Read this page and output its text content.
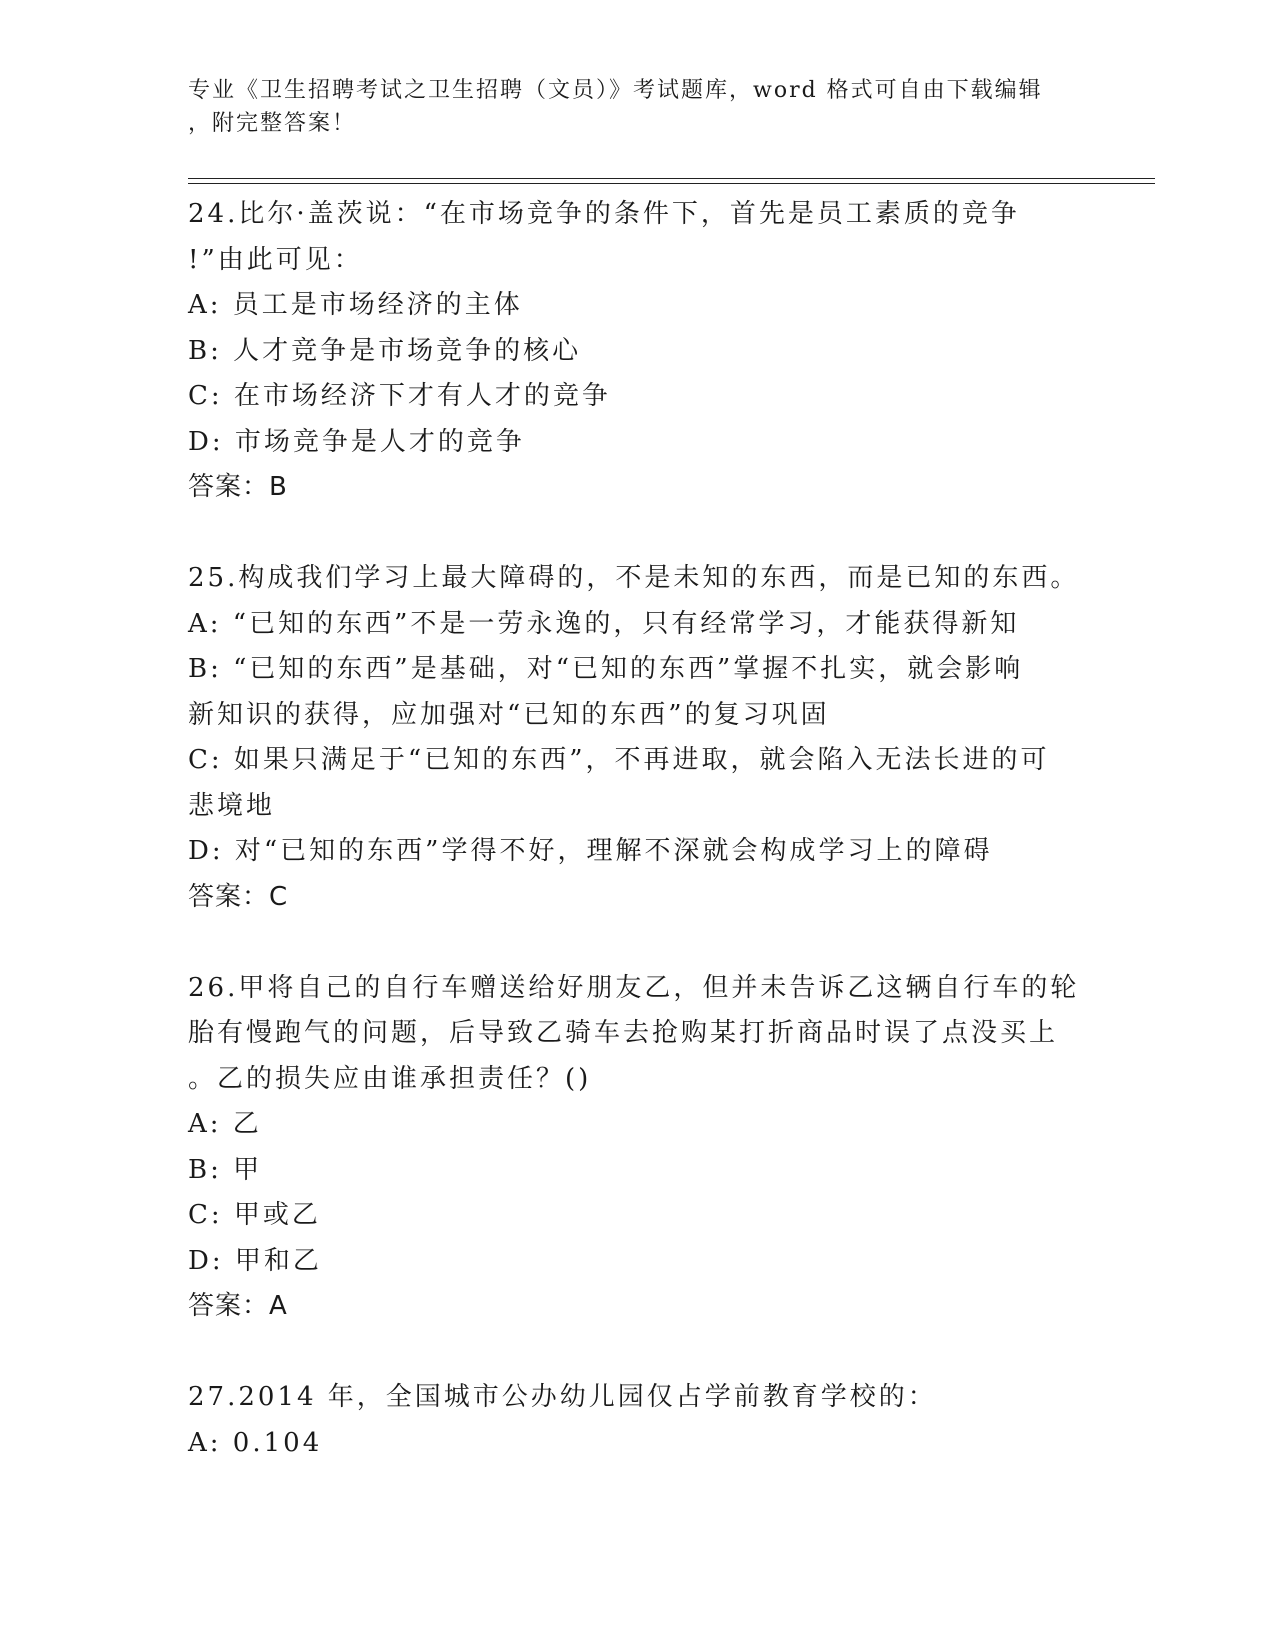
专业《卫生招聘考试之卫生招聘（文员）》考试题库，word 格式可自由下载编辑
，附完整答案！
24.比尔·盖茨说：“在市场竞争的条件下，首先是员工素质的竞争
!”由此可见：
A: 员工是市场经济的主体
B: 人才竞争是市场竞争的核心
C: 在市场经济下才有人才的竞争
D: 市场竞争是人才的竞争
答案：B
25.构成我们学习上最大障碍的，不是未知的东西，而是已知的东西。
A: “已知的东西”不是一劳永逸的，只有经常学习，才能获得新知
B: “已知的东西”是基础，对“已知的东西”掌握不扎实，就会影响
新知识的获得，应加强对“已知的东西”的复习巩固
C: 如果只满足于“已知的东西”，不再进取，就会陷入无法长进的可
悲境地
D: 对“已知的东西”学得不好，理解不深就会构成学习上的障碍
答案：C
26.甲将自己的自行车赠送给好朋友乙，但并未告诉乙这辆自行车的轮
胎有慢跑气的问题，后导致乙骑车去抢购某打折商品时误了点没买上
。乙的损失应由谁承担责任？()
A: 乙
B: 甲
C: 甲或乙
D: 甲和乙
答案：A
27.2014 年，全国城市公办幼儿园仅占学前教育学校的：
A: 0.104
